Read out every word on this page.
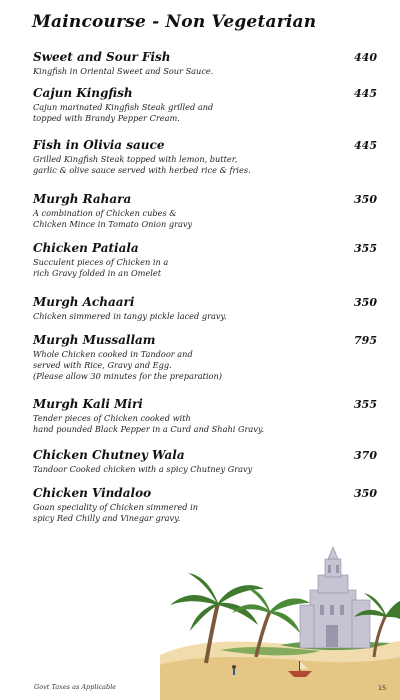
Maincourse - Non Vegetarian
Sweet and Sour Fish	440
Kingfish in Oriental Sweet and Sour Sauce.
Cajun Kingfish	445
Cajun marinated Kingfish Steak grilled and
topped with Brandy Pepper Cream.
Fish in Olivia sauce	445
Grilled Kingfish Steak topped with lemon, butter,
garlic & olive sauce served with herbed rice & fries.
Murgh Rahara	350
A combination of Chicken cubes &
Chicken Mince in Tomato Onion gravy
Chicken Patiala	355
Succulent pieces of Chicken in a
rich Gravy folded in an Omelet
Murgh Achaari	350
Chicken simmered in tangy pickle laced gravy.
Murgh Mussallam	795
Whole Chicken cooked in Tandoor and
served with Rice, Gravy and Egg.
(Please allow 30 minutes for the preparation)
Murgh Kali Miri	355
Tender pieces of Chicken cooked with
hand pounded Black Pepper in a Curd and Shahi Gravy.
Chicken Chutney Wala	370
Tandoor Cooked chicken with a spicy Chutney Gravy
Chicken Vindaloo	350
Goan speciality of Chicken simmered in
spicy Red Chilly and Vinegar gravy.
Govt Taxes as Applicable	15
